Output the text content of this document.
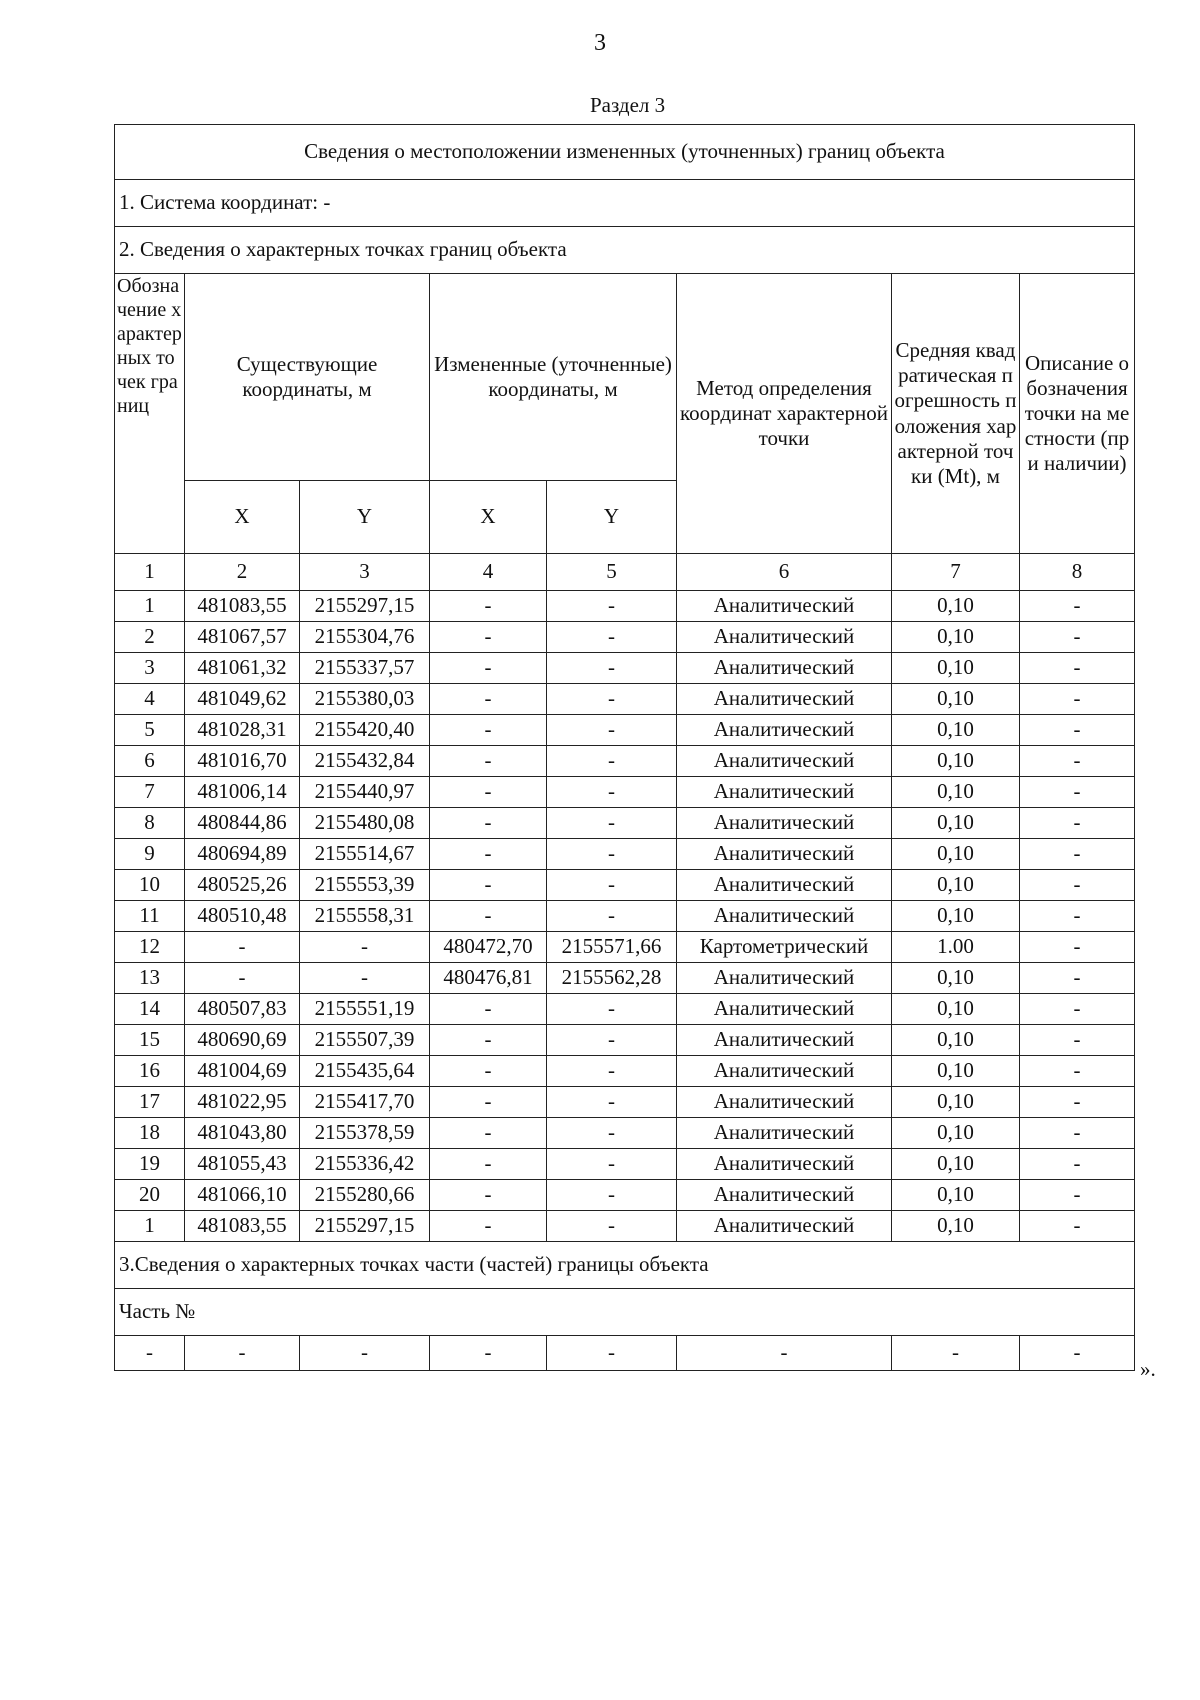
3
Раздел 3
Сведения о местоположении измененных (уточненных) границ объекта							
1. Система координат: -							
2. Сведения о характерных точках границ объекта							
Обозначение характерных точек границ	Существующие координаты, м		Измененные (уточненные) координаты, м		Метод определения координат характерной точки	Средняя квадратическая погрешность положения характерной точки (Mt), м	Описание обозначения точки на местности (при наличии)
	X	Y	X	Y			
1	2	3	4	5	6	7	8
1	481083,55	2155297,15	-	-	Аналитический	0,10	-
2	481067,57	2155304,76	-	-	Аналитический	0,10	-
3	481061,32	2155337,57	-	-	Аналитический	0,10	-
4	481049,62	2155380,03	-	-	Аналитический	0,10	-
5	481028,31	2155420,40	-	-	Аналитический	0,10	-
6	481016,70	2155432,84	-	-	Аналитический	0,10	-
7	481006,14	2155440,97	-	-	Аналитический	0,10	-
8	480844,86	2155480,08	-	-	Аналитический	0,10	-
9	480694,89	2155514,67	-	-	Аналитический	0,10	-
10	480525,26	2155553,39	-	-	Аналитический	0,10	-
11	480510,48	2155558,31	-	-	Аналитический	0,10	-
12	-	-	480472,70	2155571,66	Картометрический	1.00	-
13	-	-	480476,81	2155562,28	Аналитический	0,10	-
14	480507,83	2155551,19	-	-	Аналитический	0,10	-
15	480690,69	2155507,39	-	-	Аналитический	0,10	-
16	481004,69	2155435,64	-	-	Аналитический	0,10	-
17	481022,95	2155417,70	-	-	Аналитический	0,10	-
18	481043,80	2155378,59	-	-	Аналитический	0,10	-
19	481055,43	2155336,42	-	-	Аналитический	0,10	-
20	481066,10	2155280,66	-	-	Аналитический	0,10	-
1	481083,55	2155297,15	-	-	Аналитический	0,10	-
3.Сведения о характерных точках части (частей) границы объекта							
Часть №							
-	-	-	-	-	-	-	-
».
